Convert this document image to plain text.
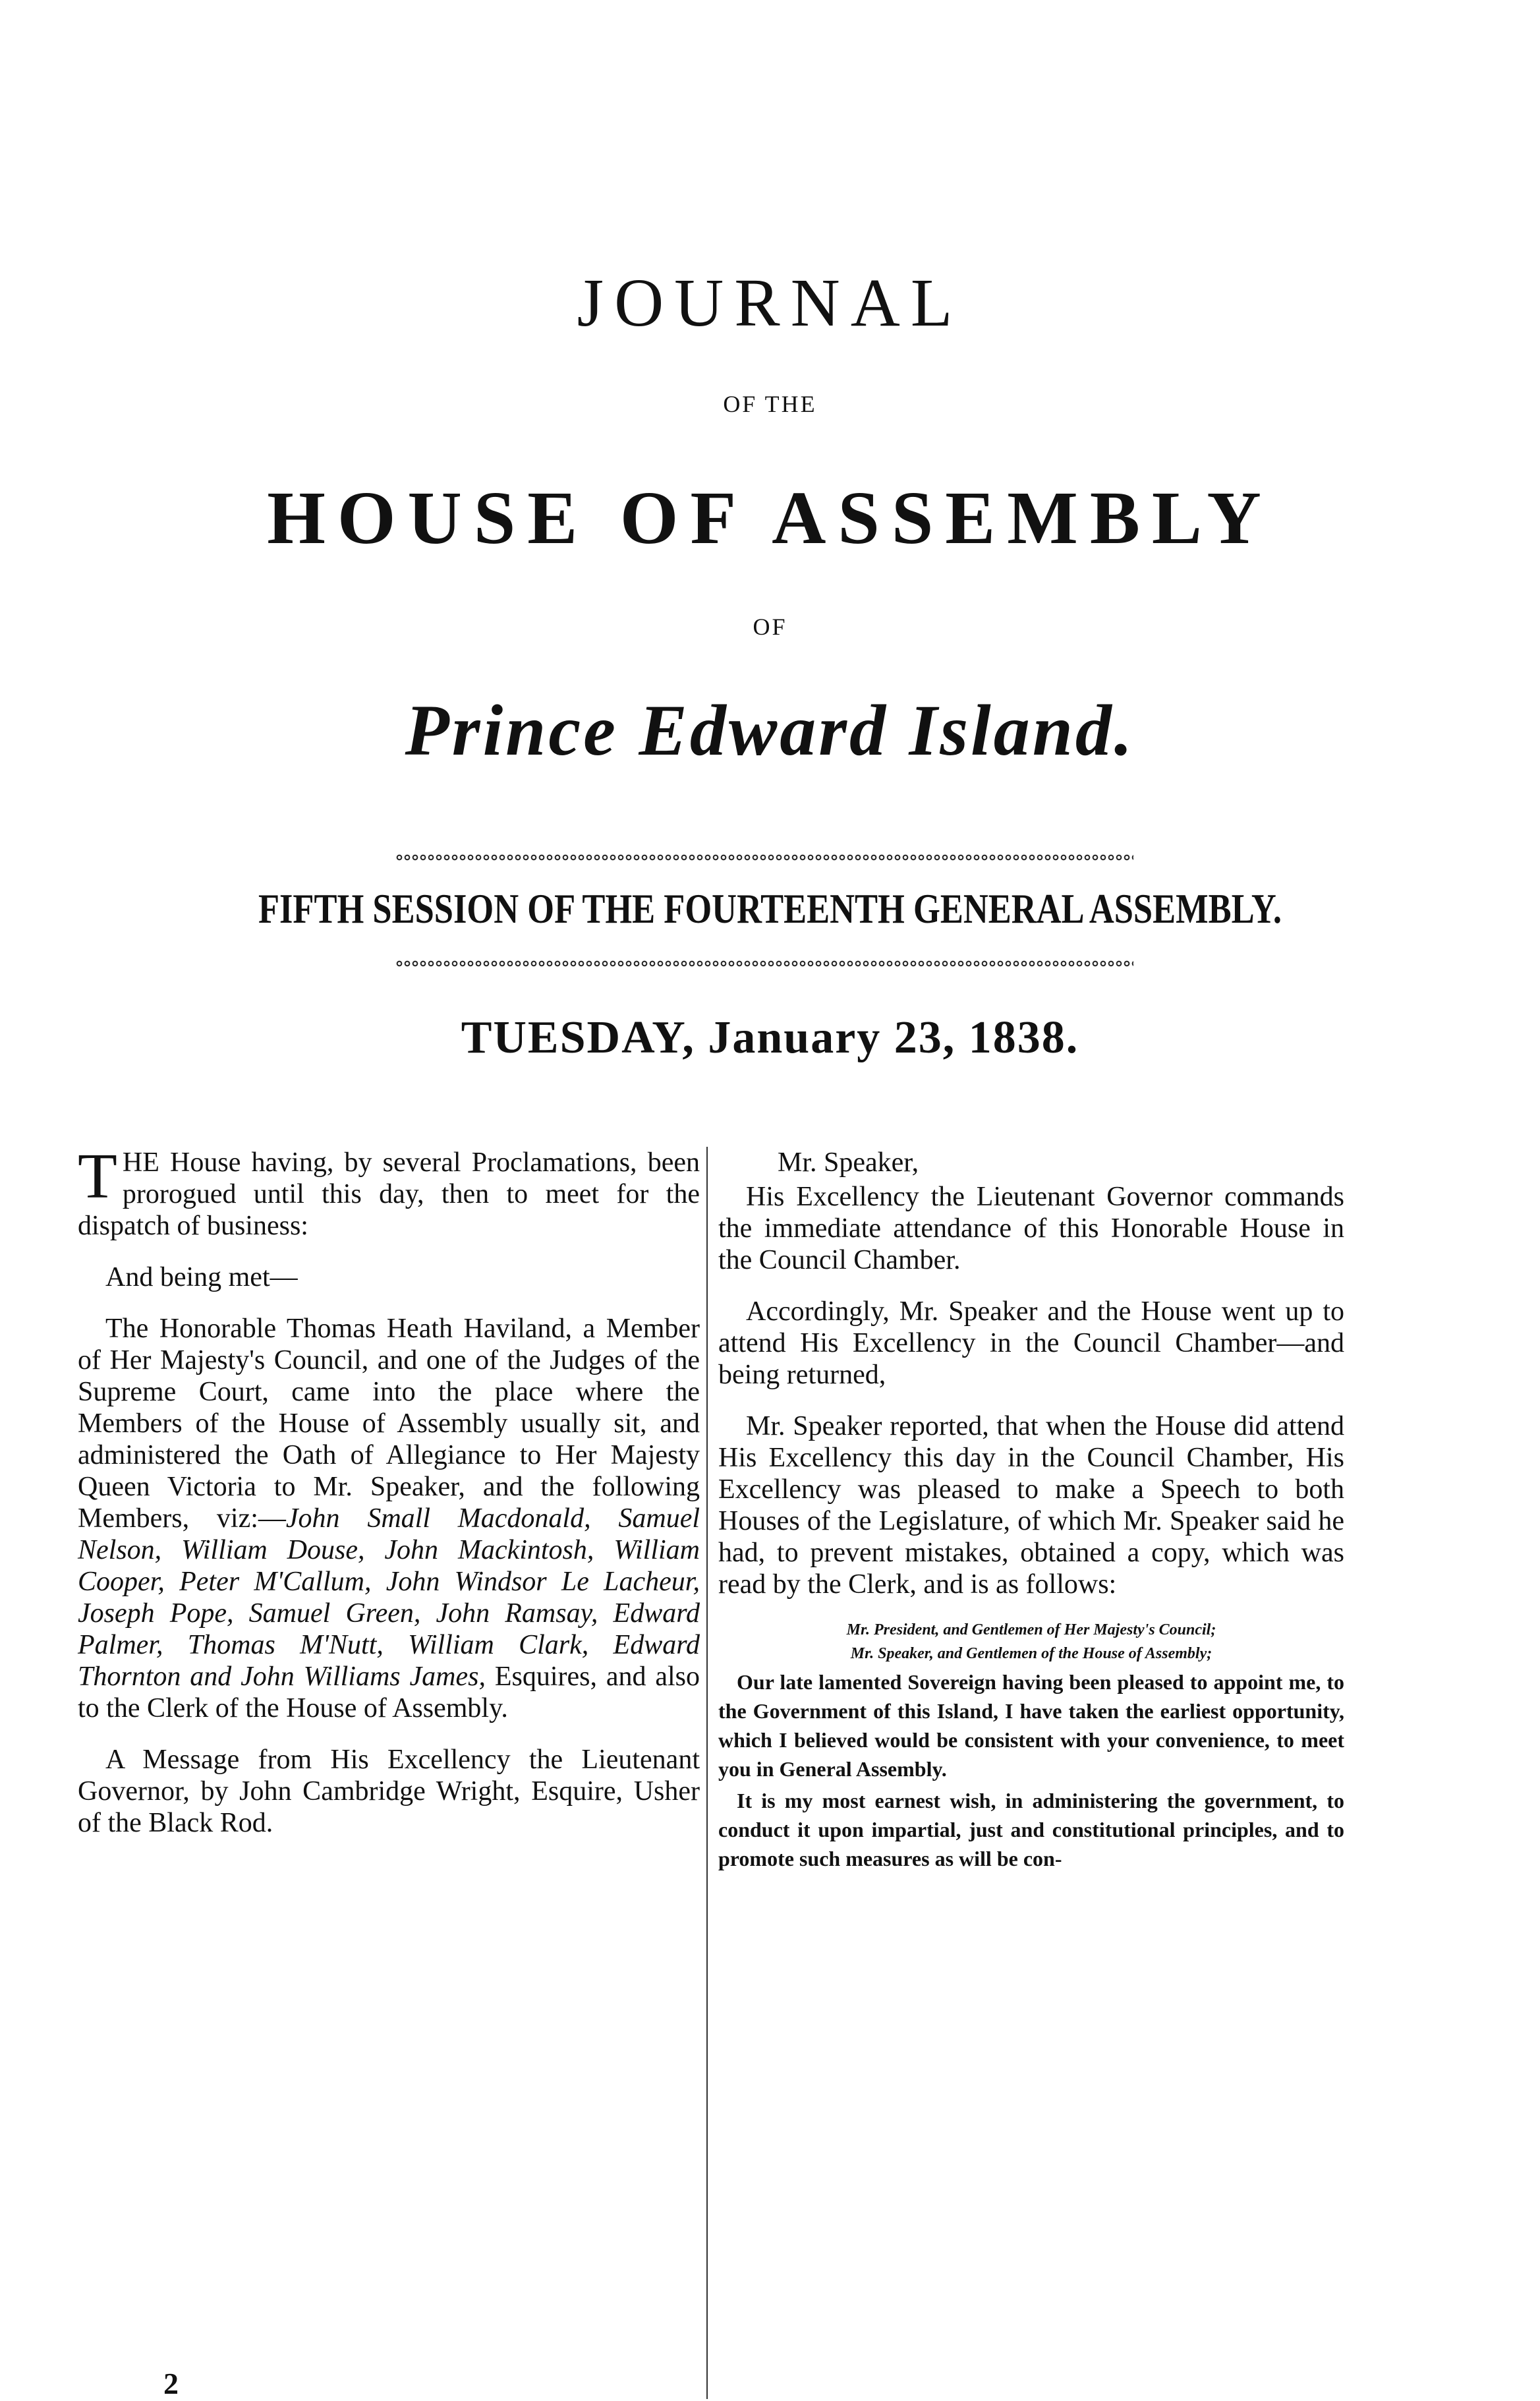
JOURNAL
OF THE
HOUSE OF ASSEMBLY
OF
Prince Edward Island.
FIFTH SESSION OF THE FOURTEENTH GENERAL ASSEMBLY.
TUESDAY, January 23, 1838.

THE House having, by several Proclamations, been prorogued until this day, then to meet for the dispatch of business:

And being met—

The Honorable Thomas Heath Haviland, a Member of Her Majesty's Council, and one of the Judges of the Supreme Court, came into the place where the Members of the House of Assembly usually sit, and administered the Oath of Allegiance to Her Majesty Queen Victoria to Mr. Speaker, and the following Members, viz:—John Small Macdonald, Samuel Nelson, William Douse, John Mackintosh, William Cooper, Peter M'Callum, John Windsor Le Lacheur, Joseph Pope, Samuel Green, John Ramsay, Edward Palmer, Thomas M'Nutt, William Clark, Edward Thornton and John Williams James, Esquires, and also to the Clerk of the House of Assembly.

A Message from His Excellency the Lieutenant Governor, by John Cambridge Wright, Esquire, Usher of the Black Rod.

Mr. Speaker,

His Excellency the Lieutenant Governor commands the immediate attendance of this Honorable House in the Council Chamber.

Accordingly, Mr. Speaker and the House went up to attend His Excellency in the Council Chamber—and being returned,

Mr. Speaker reported, that when the House did attend His Excellency this day in the Council Chamber, His Excellency was pleased to make a Speech to both Houses of the Legislature, of which Mr. Speaker said he had, to prevent mistakes, obtained a copy, which was read by the Clerk, and is as follows:

Mr. President, and Gentlemen of Her Majesty's Council;

Mr. Speaker, and Gentlemen of the House of Assembly;

Our late lamented Sovereign having been pleased to appoint me, to the Government of this Island, I have taken the earliest opportunity, which I believed would be consistent with your convenience, to meet you in General Assembly.

It is my most earnest wish, in administering the government, to conduct it upon impartial, just and constitutional principles, and to promote such measures as will be con-

2
